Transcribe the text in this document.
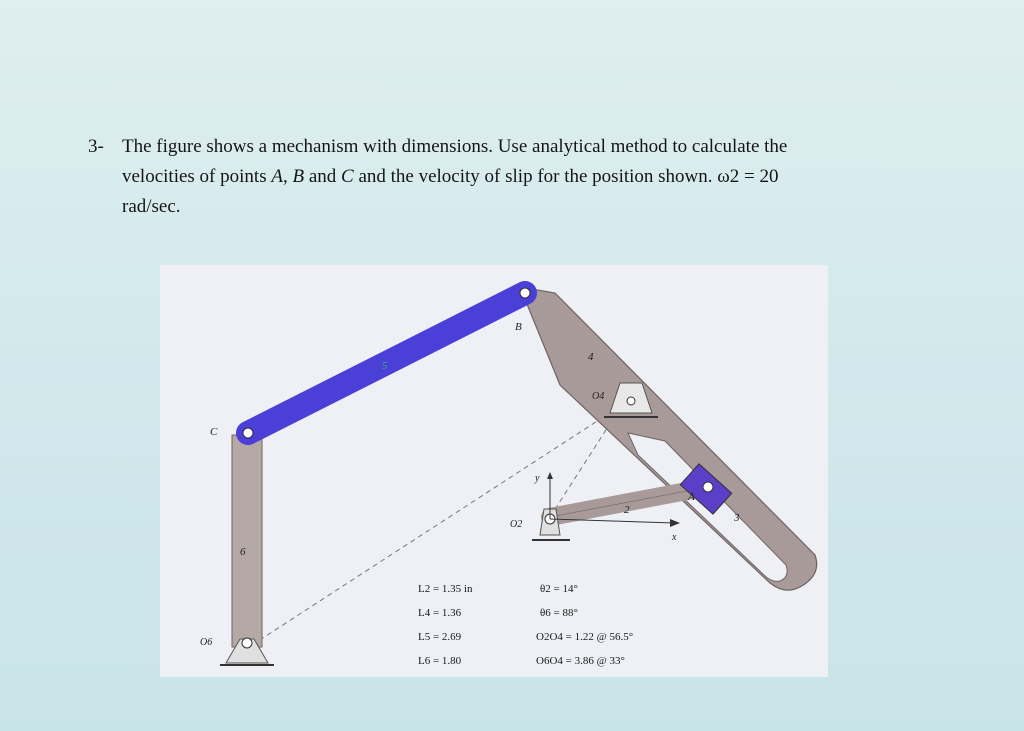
3- The figure shows a mechanism with dimensions. Use analytical method to calculate the
velocities of points A, B and C and the velocity of slip for the position shown. ω2 = 20
rad/sec.
5
4
6
3
2
B
C
A
O4
O2
O6
y
x
L2 = 1.35 in
L4 = 1.36
L5 = 2.69
L6 = 1.80
θ2 = 14°
θ6 = 88°
O2O4 = 1.22 @ 56.5°
O6O4 = 3.86 @ 33°
